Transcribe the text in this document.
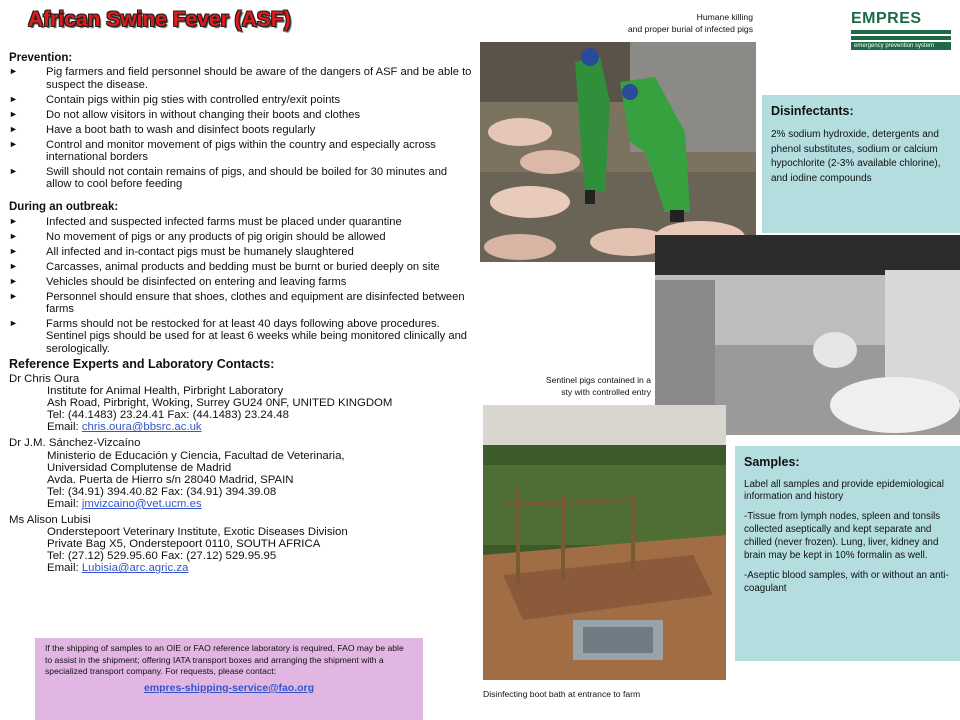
African Swine Fever (ASF)
Prevention:
►	Pig farmers and field personnel should be aware of the dangers of ASF and be able to suspect the disease.
►	Contain pigs within pig sties with controlled entry/exit points
►	Do not allow visitors in without changing their boots and clothes
►	Have a boot bath to wash and disinfect boots regularly
►	Control and monitor movement of pigs within the country and especially across international borders
►	Swill should not contain remains of pigs, and should be boiled for 30 minutes and allow to cool before feeding
During an outbreak:
►	Infected and suspected infected farms must be placed under quarantine
►	No movement of pigs or any products of pig origin should be allowed
►	All infected and in-contact pigs must be humanely slaughtered
►	Carcasses, animal products and bedding must be burnt or buried deeply on site
►	Vehicles should be disinfected on entering and leaving farms
►	Personnel should ensure that shoes, clothes and equipment are disinfected between farms
►	Farms should not be restocked for at least 40 days following above procedures. Sentinel pigs should be used for at least 6 weeks while being monitored clinically and serologically.
Reference Experts and Laboratory Contacts:
Dr Chris Oura
Institute for Animal Health, Pirbright Laboratory
Ash Road, Pirbright, Woking, Surrey GU24 0NF, UNITED KINGDOM
Tel: (44.1483) 23.24.41 Fax: (44.1483) 23.24.48
Email: chris.oura@bbsrc.ac.uk
Dr J.M. Sánchez-Vizcaíno
Ministerio de Educación y Ciencia, Facultad de Veterinaria,
Universidad Complutense de Madrid
Avda. Puerta de Hierro s/n 28040 Madrid, SPAIN
Tel: (34.91) 394.40.82 Fax: (34.91) 394.39.08
Email: jmvizcaino@vet.ucm.es
Ms Alison Lubisi
Onderstepoort Veterinary Institute, Exotic Diseases Division
Private Bag X5, Onderstepoort 0110, SOUTH AFRICA
Tel: (27.12) 529.95.60 Fax: (27.12) 529.95.95
Email: Lubisia@arc.agric.za
If the shipping of samples to an OIE or FAO reference laboratory is required, FAO may be able to assist in the shipment; offering IATA transport boxes and arranging the shipment with a specialized transport company. For requests, please contact:
empres-shipping-service@fao.org
Humane killing
and proper burial of infected pigs
EMPRES
emergency prevention system
Disinfectants:
2% sodium hydroxide, detergents and phenol substitutes, sodium or calcium hypochlorite (2-3% available chlorine), and iodine compounds
Sentinel pigs contained in a
sty with controlled entry
Disinfecting boot bath at entrance to farm
Samples:

Label all samples and provide epidemiological information and history

-Tissue from lymph nodes, spleen and tonsils collected aseptically and kept separate and chilled (never frozen). Lung, liver, kidney and brain may be kept in 10% formalin as well.

-Aseptic blood samples, with or without an anti-coagulant
